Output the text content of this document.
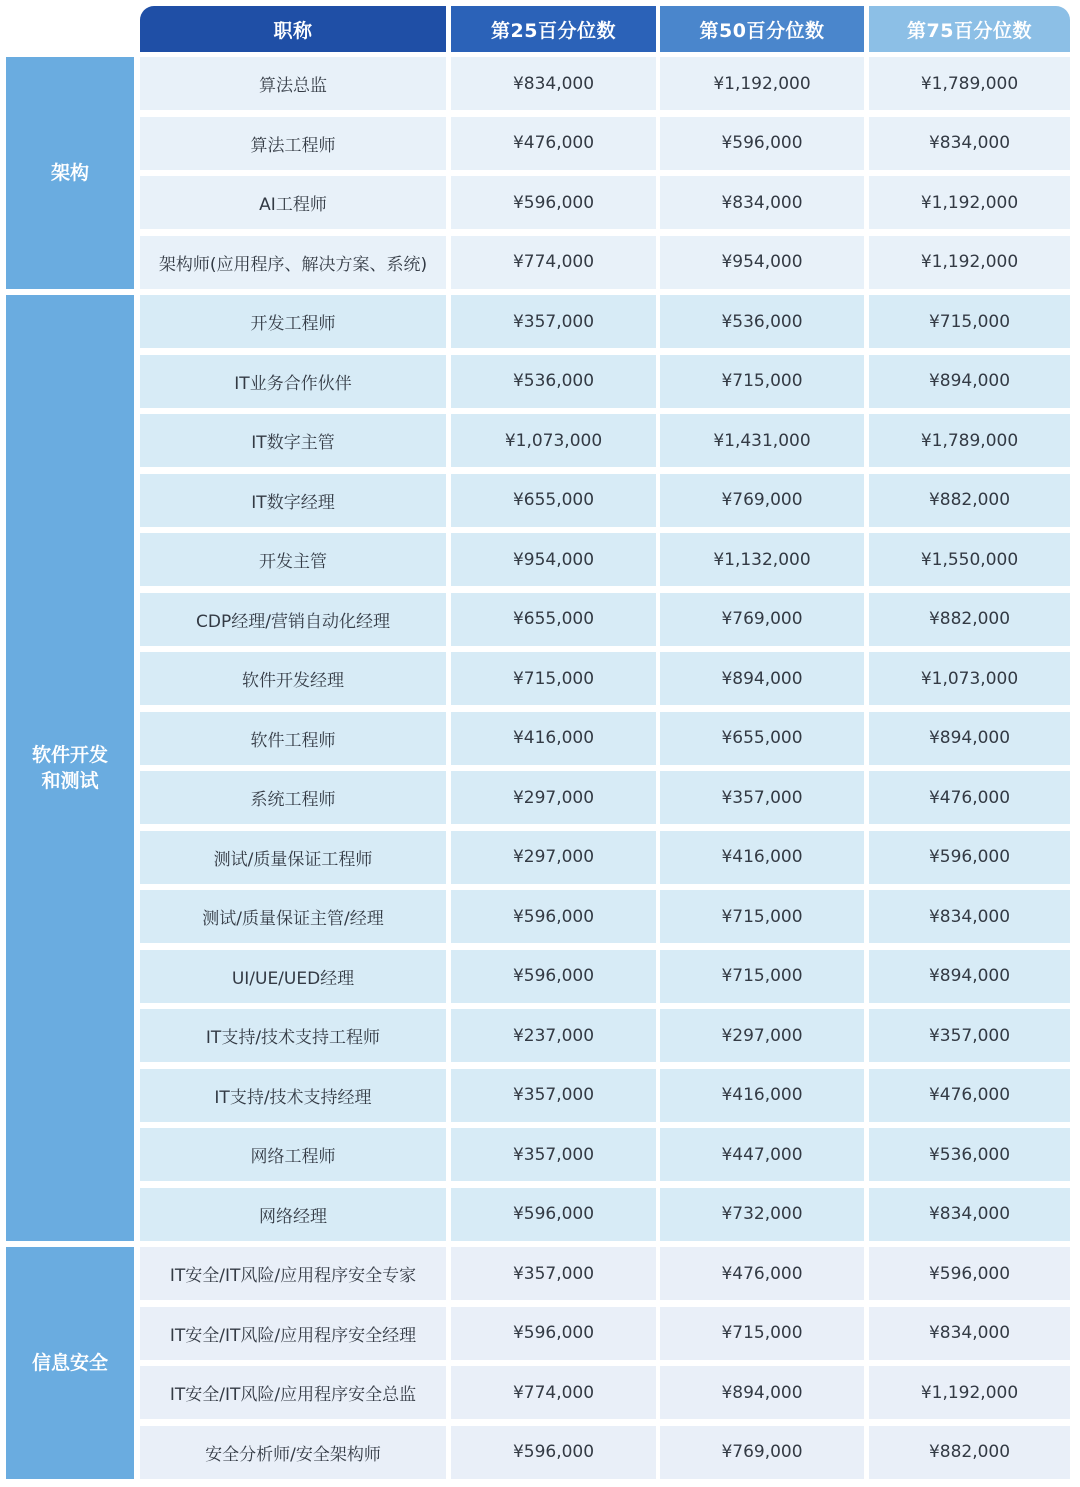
职称	第25百分位数	第50百分位数	第75百分位数
架构
算法总监	¥834,000	¥1,192,000	¥1,789,000
算法工程师	¥476,000	¥596,000	¥834,000
AI工程师	¥596,000	¥834,000	¥1,192,000
架构师(应用程序、解决方案、系统)	¥774,000	¥954,000	¥1,192,000
软件开发
和测试
开发工程师	¥357,000	¥536,000	¥715,000
IT业务合作伙伴	¥536,000	¥715,000	¥894,000
IT数字主管	¥1,073,000	¥1,431,000	¥1,789,000
IT数字经理	¥655,000	¥769,000	¥882,000
开发主管	¥954,000	¥1,132,000	¥1,550,000
CDP经理/营销自动化经理	¥655,000	¥769,000	¥882,000
软件开发经理	¥715,000	¥894,000	¥1,073,000
软件工程师	¥416,000	¥655,000	¥894,000
系统工程师	¥297,000	¥357,000	¥476,000
测试/质量保证工程师	¥297,000	¥416,000	¥596,000
测试/质量保证主管/经理	¥596,000	¥715,000	¥834,000
UI/UE/UED经理	¥596,000	¥715,000	¥894,000
IT支持/技术支持工程师	¥237,000	¥297,000	¥357,000
IT支持/技术支持经理	¥357,000	¥416,000	¥476,000
网络工程师	¥357,000	¥447,000	¥536,000
网络经理	¥596,000	¥732,000	¥834,000
信息安全
IT安全/IT风险/应用程序安全专家	¥357,000	¥476,000	¥596,000
IT安全/IT风险/应用程序安全经理	¥596,000	¥715,000	¥834,000
IT安全/IT风险/应用程序安全总监	¥774,000	¥894,000	¥1,192,000
安全分析师/安全架构师	¥596,000	¥769,000	¥882,000
